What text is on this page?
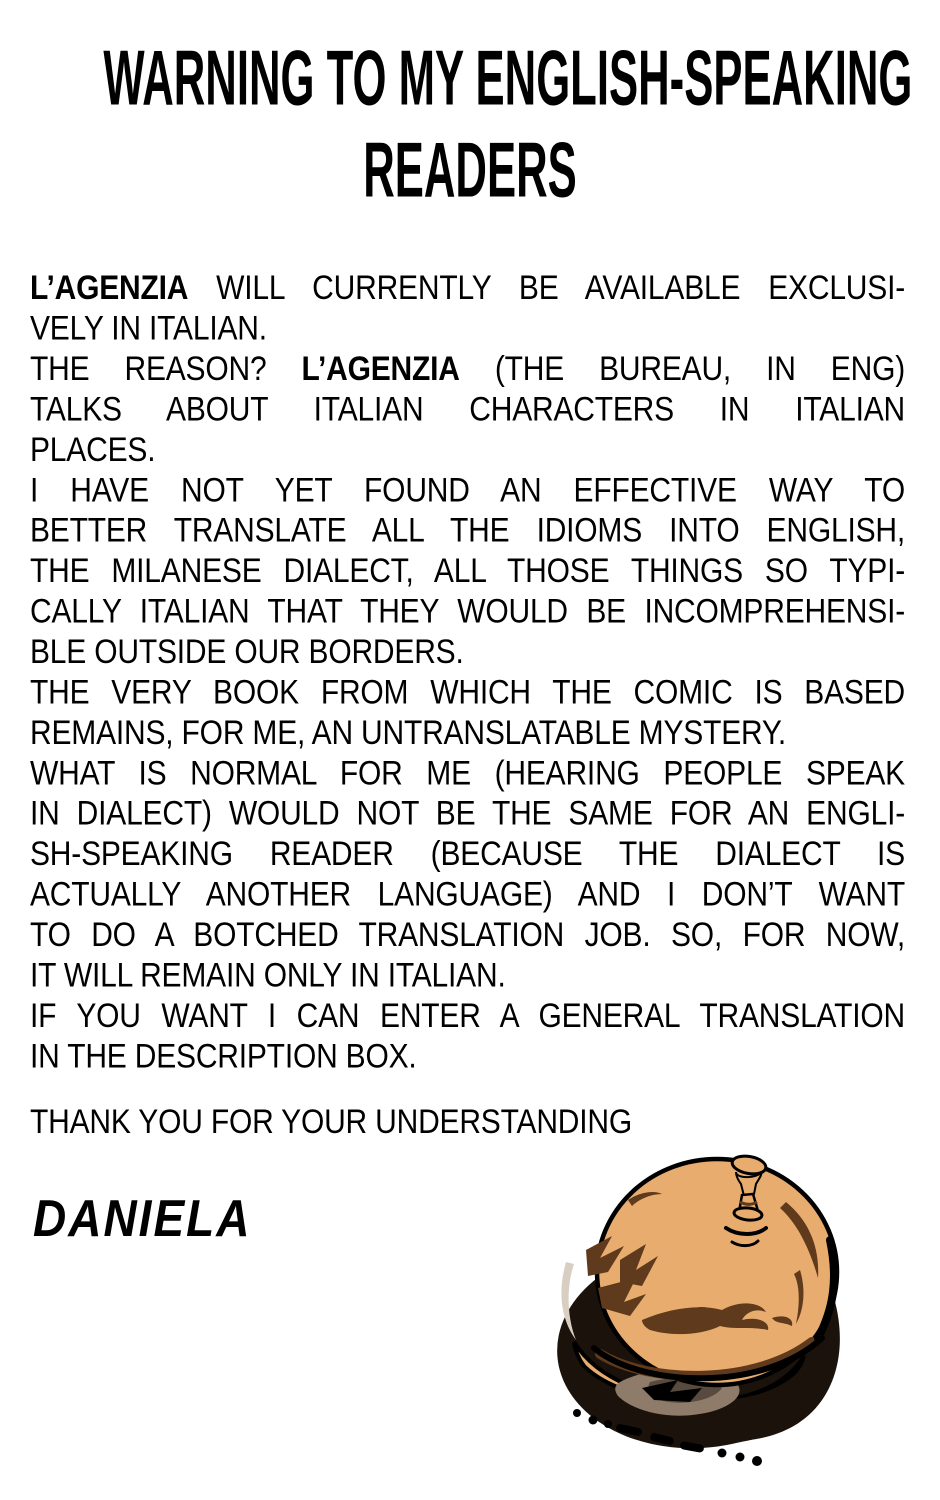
WARNING TO MY ENGLISH-SPEAKING
READERS
L’AGENZIA WILL CURRENTLY BE AVAILABLE EXCLUSI-
VELY IN ITALIAN.
THE REASON? L’AGENZIA (THE BUREAU, IN ENG)
TALKS ABOUT ITALIAN CHARACTERS IN ITALIAN
PLACES.
I HAVE NOT YET FOUND AN EFFECTIVE WAY TO
BETTER TRANSLATE ALL THE IDIOMS INTO ENGLISH,
THE MILANESE DIALECT, ALL THOSE THINGS SO TYPI-
CALLY ITALIAN THAT THEY WOULD BE INCOMPREHENSI-
BLE OUTSIDE OUR BORDERS.
THE VERY BOOK FROM WHICH THE COMIC IS BASED
REMAINS, FOR ME, AN UNTRANSLATABLE MYSTERY.
WHAT IS NORMAL FOR ME (HEARING PEOPLE SPEAK
IN DIALECT) WOULD NOT BE THE SAME FOR AN ENGLI-
SH-SPEAKING READER (BECAUSE THE DIALECT IS
ACTUALLY ANOTHER LANGUAGE) AND I DON’T WANT
TO DO A BOTCHED TRANSLATION JOB. SO, FOR NOW,
IT WILL REMAIN ONLY IN ITALIAN.
IF YOU WANT I CAN ENTER A GENERAL TRANSLATION
IN THE DESCRIPTION BOX.
THANK YOU FOR YOUR UNDERSTANDING
DANIELA
